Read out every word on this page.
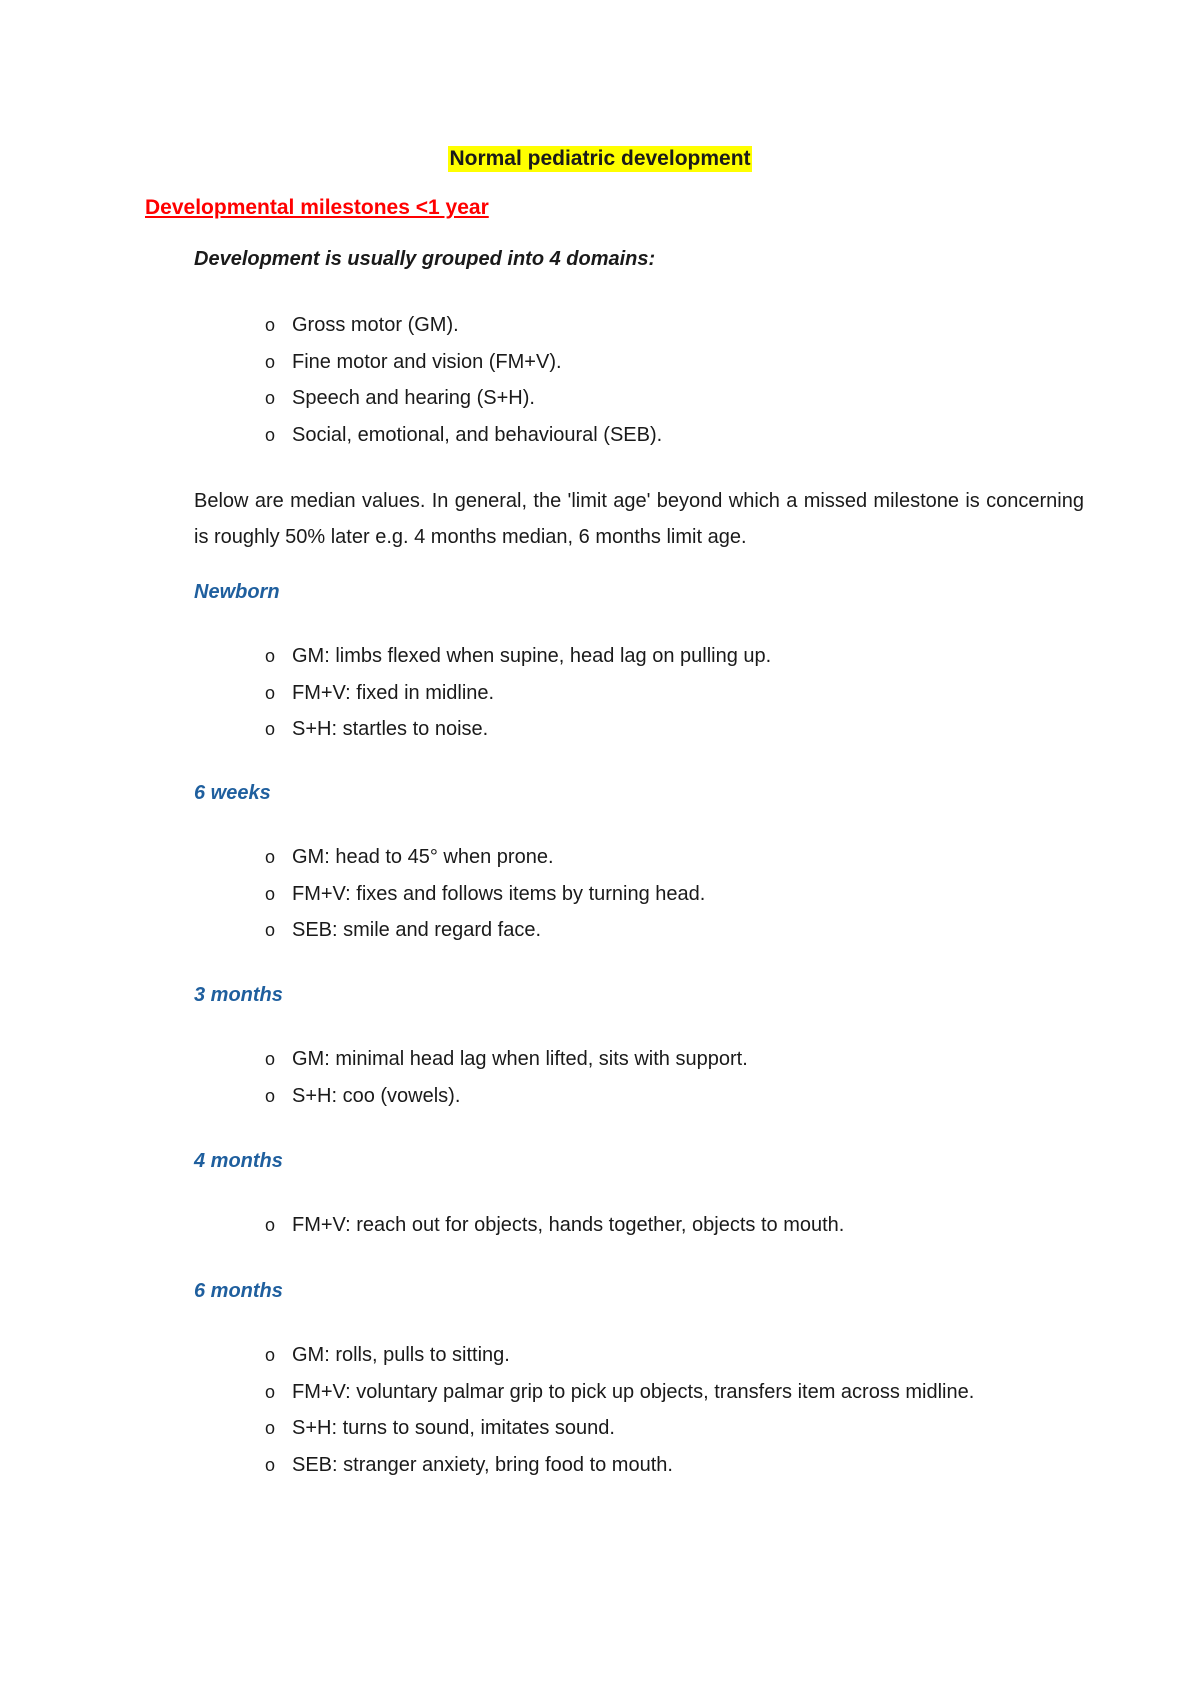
Normal pediatric development
Developmental milestones <1 year
Development is usually grouped into 4 domains:
o Gross motor (GM).
o Fine motor and vision (FM+V).
o Speech and hearing (S+H).
o Social, emotional, and behavioural (SEB).
Below are median values. In general, the 'limit age' beyond which a missed milestone is concerning is roughly 50% later e.g. 4 months median, 6 months limit age.
Newborn
o GM: limbs flexed when supine, head lag on pulling up.
o FM+V: fixed in midline.
o S+H: startles to noise.
6 weeks
o GM: head to 45° when prone.
o FM+V: fixes and follows items by turning head.
o SEB: smile and regard face.
3 months
o GM: minimal head lag when lifted, sits with support.
o S+H: coo (vowels).
4 months
o FM+V: reach out for objects, hands together, objects to mouth.
6 months
o GM: rolls, pulls to sitting.
o FM+V: voluntary palmar grip to pick up objects, transfers item across midline.
o S+H: turns to sound, imitates sound.
o SEB: stranger anxiety, bring food to mouth.
